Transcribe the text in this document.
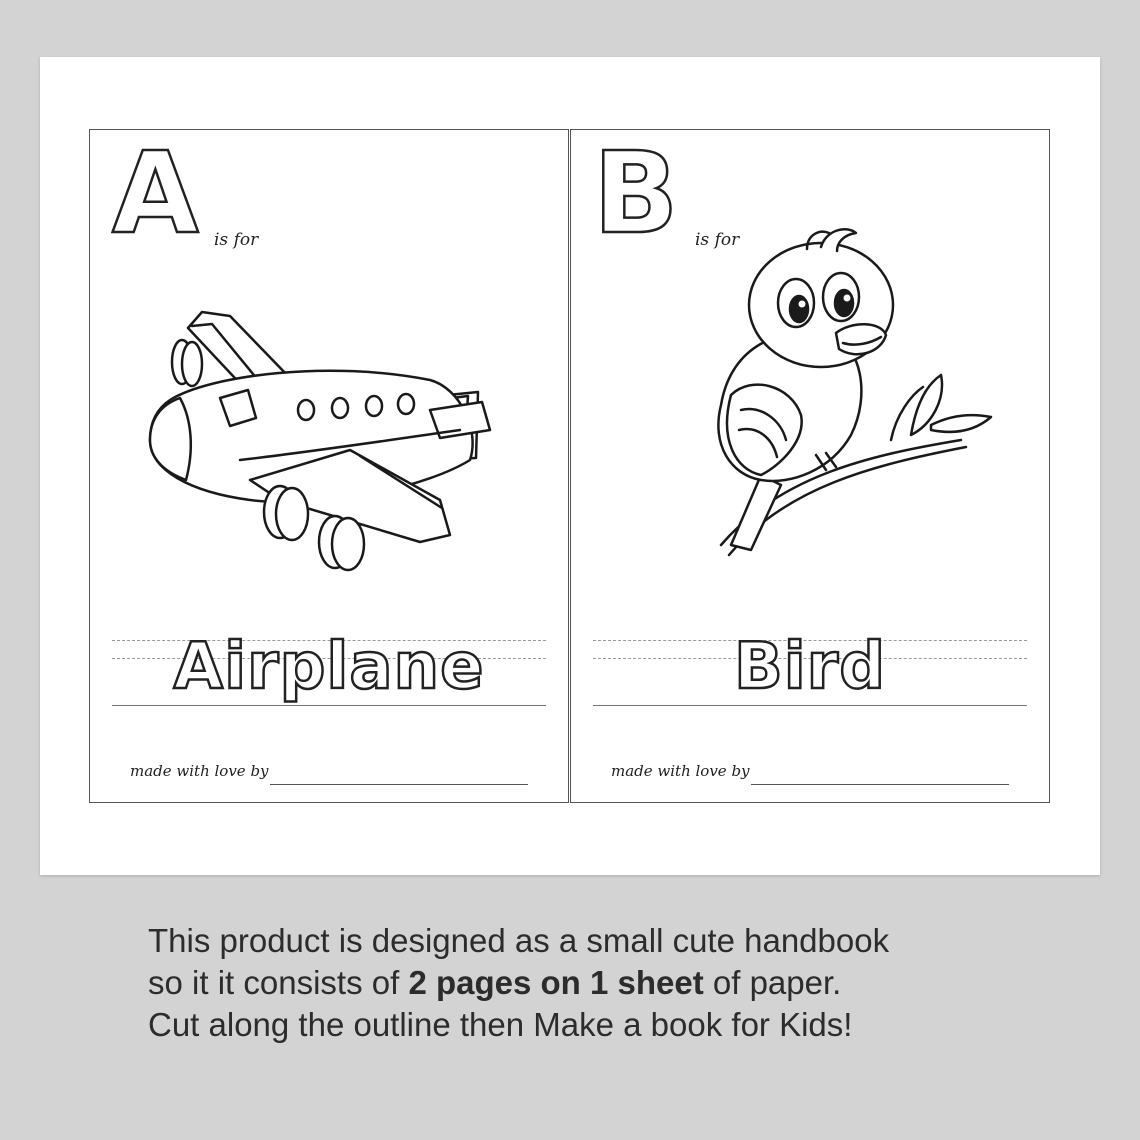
A is for
Airplane
made with love by
B is for
Bird
made with love by
This product is designed as a small cute handbook
so it it consists of 2 pages on 1 sheet of paper.
Cut along the outline then Make a book for Kids!
